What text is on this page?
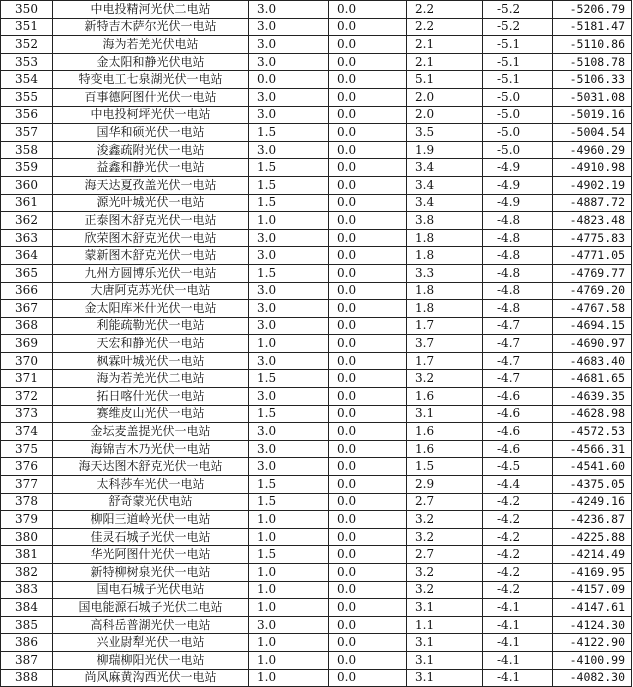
350	中电投精河光伏二电站	3.0	0.0	2.2	-5.2	-5206.79
351	新特吉木萨尔光伏一电站	3.0	0.0	2.2	-5.2	-5181.47
352	海为若羌光伏电站	3.0	0.0	2.1	-5.1	-5110.86
353	金太阳和静光伏电站	3.0	0.0	2.1	-5.1	-5108.78
354	特变电工七泉湖光伏一电站	0.0	0.0	5.1	-5.1	-5106.33
355	百事德阿图什光伏一电站	3.0	0.0	2.0	-5.0	-5031.08
356	中电投柯坪光伏一电站	3.0	0.0	2.0	-5.0	-5019.16
357	国华和硕光伏一电站	1.5	0.0	3.5	-5.0	-5004.54
358	浚鑫疏附光伏一电站	3.0	0.0	1.9	-5.0	-4960.29
359	益鑫和静光伏一电站	1.5	0.0	3.4	-4.9	-4910.98
360	海天达夏孜盖光伏一电站	1.5	0.0	3.4	-4.9	-4902.19
361	源光叶城光伏一电站	1.5	0.0	3.4	-4.9	-4887.72
362	正泰图木舒克光伏一电站	1.0	0.0	3.8	-4.8	-4823.48
363	欣荣图木舒克光伏一电站	3.0	0.0	1.8	-4.8	-4775.83
364	蒙新图木舒克光伏一电站	3.0	0.0	1.8	-4.8	-4771.05
365	九州方圆博乐光伏一电站	1.5	0.0	3.3	-4.8	-4769.77
366	大唐阿克苏光伏一电站	3.0	0.0	1.8	-4.8	-4769.20
367	金太阳库米什光伏一电站	3.0	0.0	1.8	-4.8	-4767.58
368	利能疏勒光伏一电站	3.0	0.0	1.7	-4.7	-4694.15
369	天宏和静光伏一电站	1.0	0.0	3.7	-4.7	-4690.97
370	枫霖叶城光伏一电站	3.0	0.0	1.7	-4.7	-4683.40
371	海为若羌光伏二电站	1.5	0.0	3.2	-4.7	-4681.65
372	拓日喀什光伏一电站	3.0	0.0	1.6	-4.6	-4639.35
373	赛维皮山光伏一电站	1.5	0.0	3.1	-4.6	-4628.98
374	金坛麦盖提光伏一电站	3.0	0.0	1.6	-4.6	-4572.53
375	海锦吉木乃光伏一电站	3.0	0.0	1.6	-4.6	-4566.31
376	海天达图木舒克光伏一电站	3.0	0.0	1.5	-4.5	-4541.60
377	太科莎车光伏一电站	1.5	0.0	2.9	-4.4	-4375.05
378	舒奇蒙光伏电站	1.5	0.0	2.7	-4.2	-4249.16
379	柳阳三道岭光伏一电站	1.0	0.0	3.2	-4.2	-4236.87
380	佳灵石城子光伏一电站	1.0	0.0	3.2	-4.2	-4225.88
381	华光阿图什光伏一电站	1.5	0.0	2.7	-4.2	-4214.49
382	新特柳树泉光伏一电站	1.0	0.0	3.2	-4.2	-4169.95
383	国电石城子光伏电站	1.0	0.0	3.2	-4.2	-4157.09
384	国电能源石城子光伏二电站	1.0	0.0	3.1	-4.1	-4147.61
385	高科岳普湖光伏一电站	3.0	0.0	1.1	-4.1	-4124.30
386	兴业尉犁光伏一电站	1.0	0.0	3.1	-4.1	-4122.90
387	柳瑞柳阳光伏一电站	1.0	0.0	3.1	-4.1	-4100.99
388	尚风麻黄沟西光伏一电站	1.0	0.0	3.1	-4.1	-4082.30
